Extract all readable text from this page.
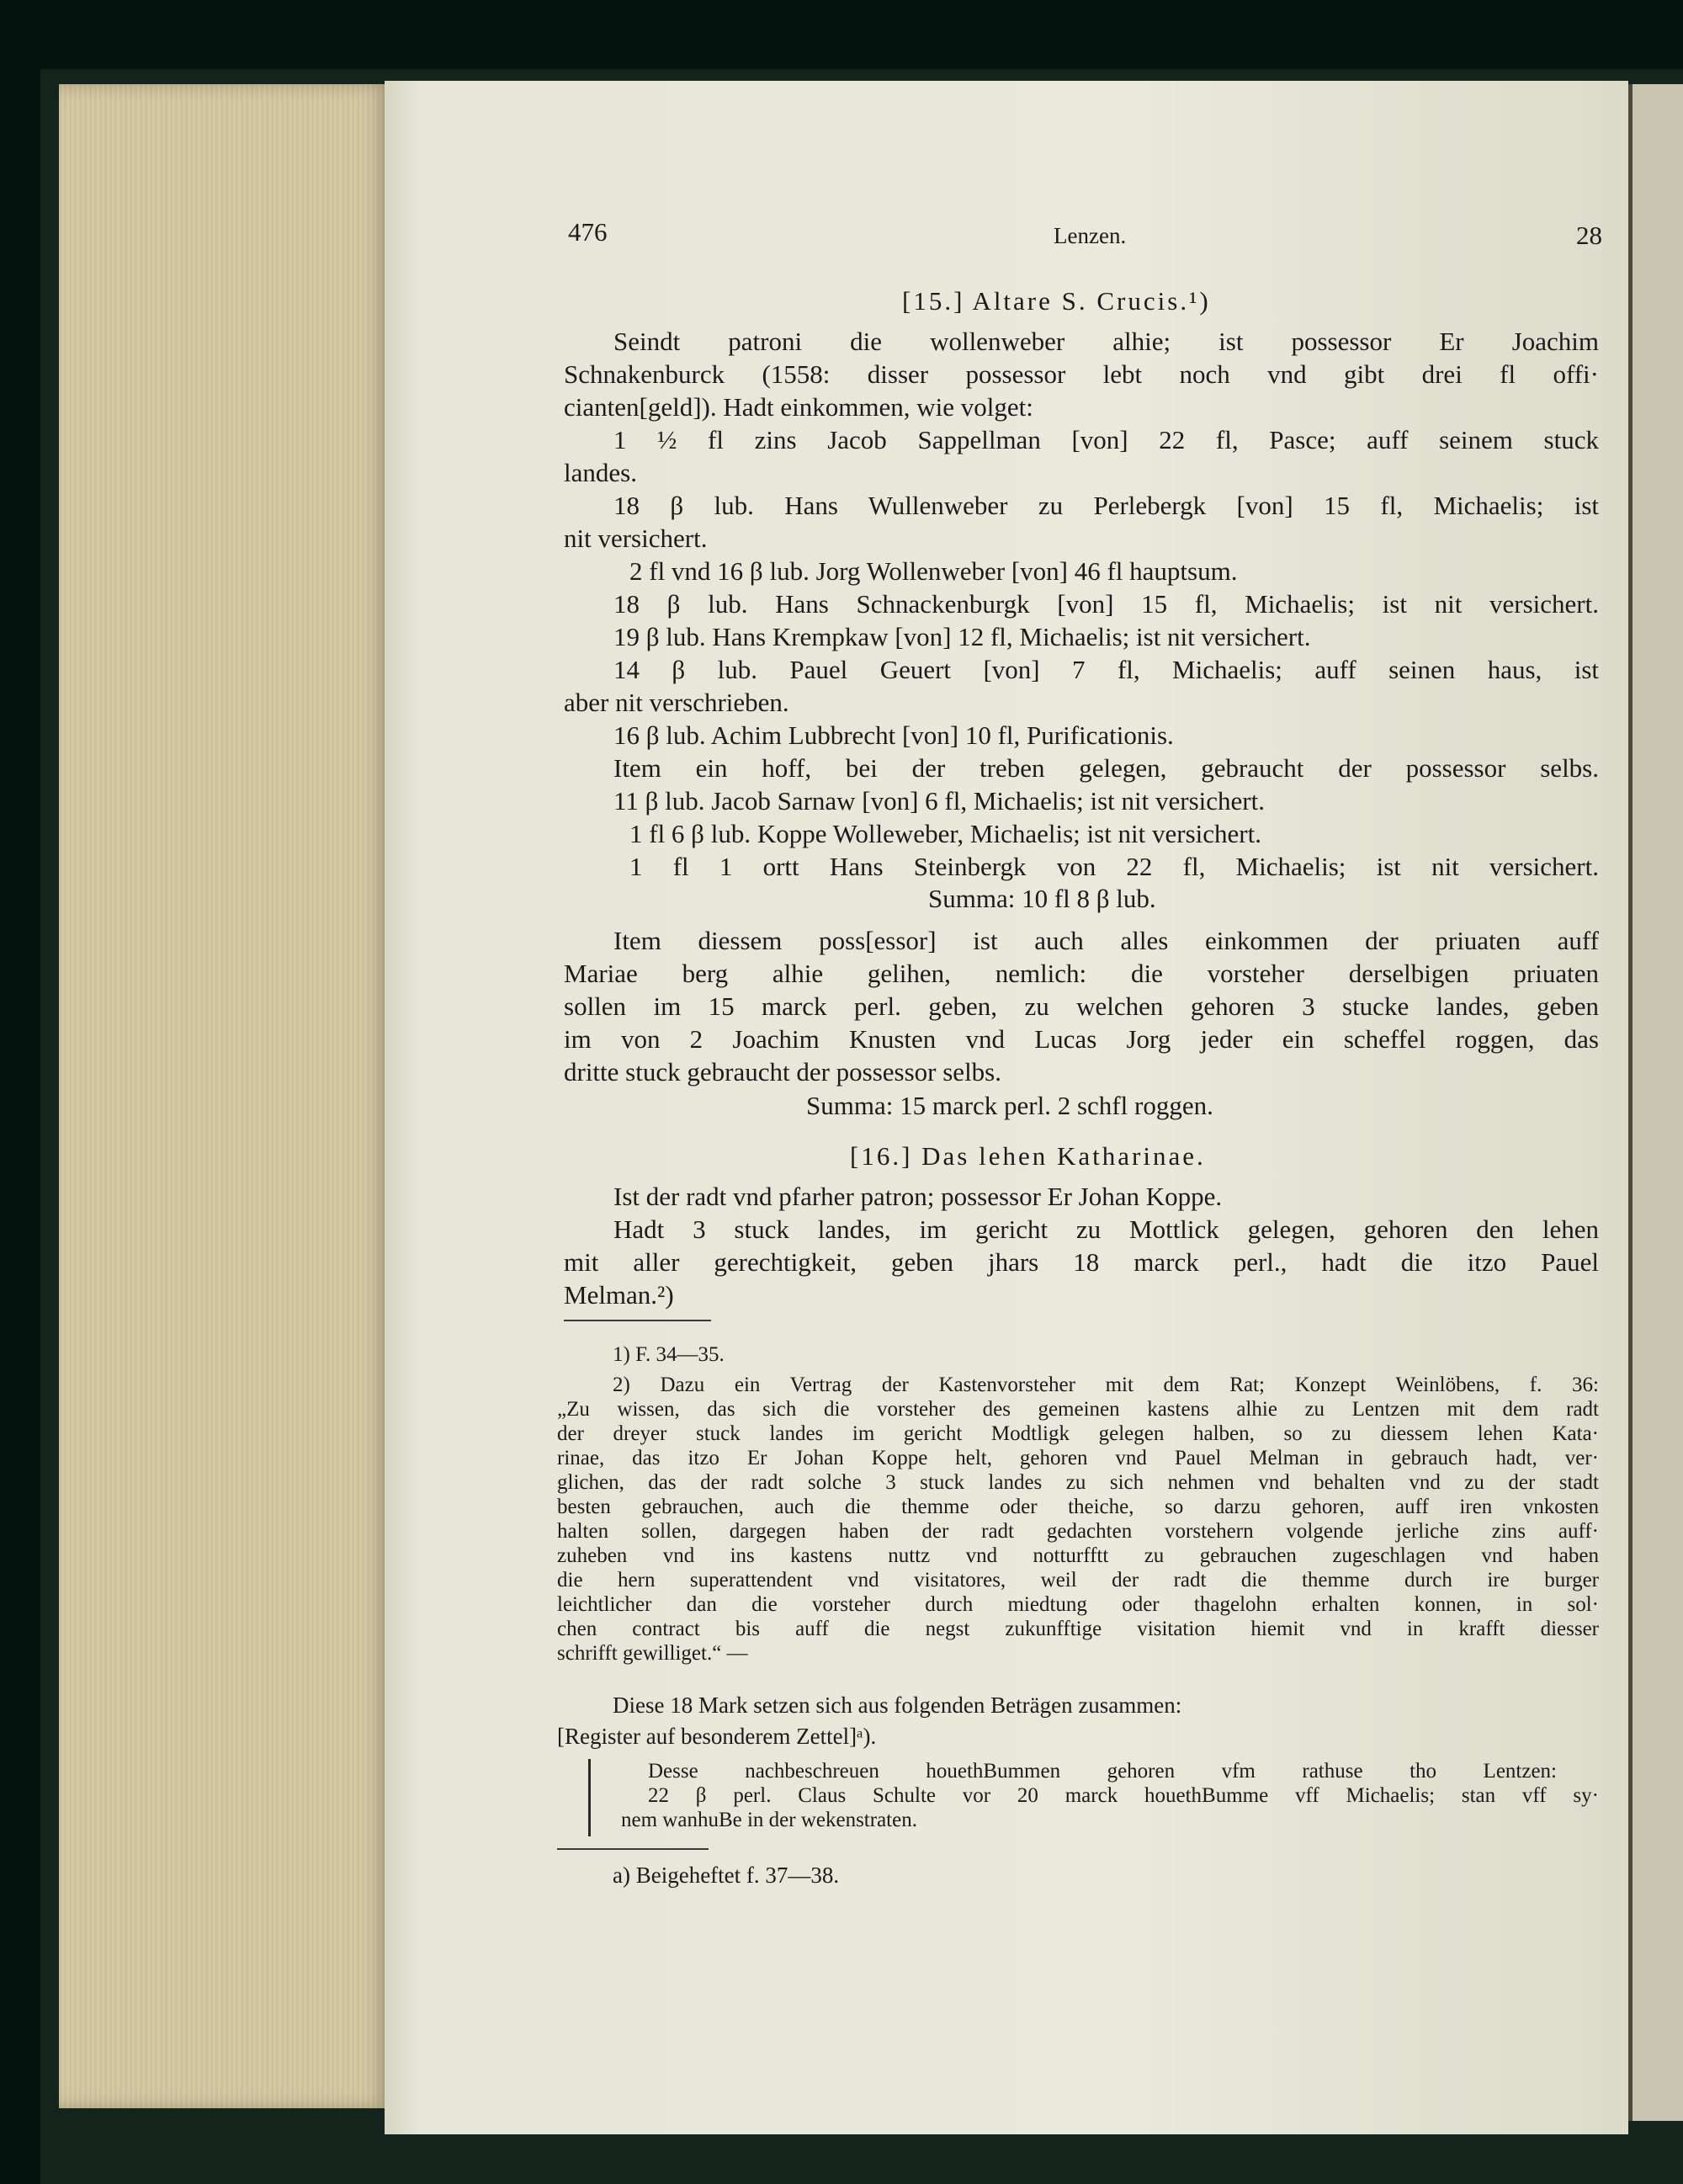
476	Lenzen.	28
[15.] Altare S. Crucis.¹)
Seindt patroni die wollenweber alhie; ist possessor Er Joachim
Schnakenburck (1558: disser possessor lebt noch vnd gibt drei fl offi·
cianten[geld]). Hadt einkommen, wie volget:
1 ½ fl zins Jacob Sappellman [von] 22 fl, Pasce; auff seinem stuck
landes.
18 β lub. Hans Wullenweber zu Perlebergk [von] 15 fl, Michaelis; ist
nit versichert.
2 fl vnd 16 β lub. Jorg Wollenweber [von] 46 fl hauptsum.
18 β lub. Hans Schnackenburgk [von] 15 fl, Michaelis; ist nit versichert.
19 β lub. Hans Krempkaw [von] 12 fl, Michaelis; ist nit versichert.
14 β lub. Pauel Geuert [von] 7 fl, Michaelis; auff seinen haus, ist
aber nit verschrieben.
16 β lub. Achim Lubbrecht [von] 10 fl, Purificationis.
Item ein hoff, bei der treben gelegen, gebraucht der possessor selbs.
11 β lub. Jacob Sarnaw [von] 6 fl, Michaelis; ist nit versichert.
1 fl 6 β lub. Koppe Wolleweber, Michaelis; ist nit versichert.
1 fl 1 ortt Hans Steinbergk von 22 fl, Michaelis; ist nit versichert.
Summa: 10 fl 8 β lub.
Item diessem poss[essor] ist auch alles einkommen der priuaten auff
Mariae berg alhie gelihen, nemlich: die vorsteher derselbigen priuaten
sollen im 15 marck perl. geben, zu welchen gehoren 3 stucke landes, geben
im von 2 Joachim Knusten vnd Lucas Jorg jeder ein scheffel roggen, das
dritte stuck gebraucht der possessor selbs.
Summa: 15 marck perl. 2 schfl roggen.
[16.] Das lehen Katharinae.
Ist der radt vnd pfarher patron; possessor Er Johan Koppe.
Hadt 3 stuck landes, im gericht zu Mottlick gelegen, gehoren den lehen
mit aller gerechtigkeit, geben jhars 18 marck perl., hadt die itzo Pauel
Melman.²)
1) F. 34—35.
2) Dazu ein Vertrag der Kastenvorsteher mit dem Rat; Konzept Weinlöbens, f. 36:
„Zu wissen, das sich die vorsteher des gemeinen kastens alhie zu Lentzen mit dem radt
der dreyer stuck landes im gericht Modtligk gelegen halben, so zu diessem lehen Kata·
rinae, das itzo Er Johan Koppe helt, gehoren vnd Pauel Melman in gebrauch hadt, ver·
glichen, das der radt solche 3 stuck landes zu sich nehmen vnd behalten vnd zu der stadt
besten gebrauchen, auch die themme oder theiche, so darzu gehoren, auff iren vnkosten
halten sollen, dargegen haben der radt gedachten vorstehern volgende jerliche zins auff·
zuheben vnd ins kastens nuttz vnd notturfftt zu gebrauchen zugeschlagen vnd haben
die hern superattendent vnd visitatores, weil der radt die themme durch ire burger
leichtlicher dan die vorsteher durch miedtung oder thagelohn erhalten konnen, in sol·
chen contract bis auff die negst zukunfftige visitation hiemit vnd in krafft diesser
schrifft gewilliget.“ —
Diese 18 Mark setzen sich aus folgenden Beträgen zusammen:
[Register auf besonderem Zettel]ᵃ).
Desse nachbeschreuen houethBummen gehoren vfm rathuse tho Lentzen:
22 β perl. Claus Schulte vor 20 marck houethBumme vff Michaelis; stan vff sy·
nem wanhuBe in der wekenstraten.
a) Beigeheftet f. 37—38.
